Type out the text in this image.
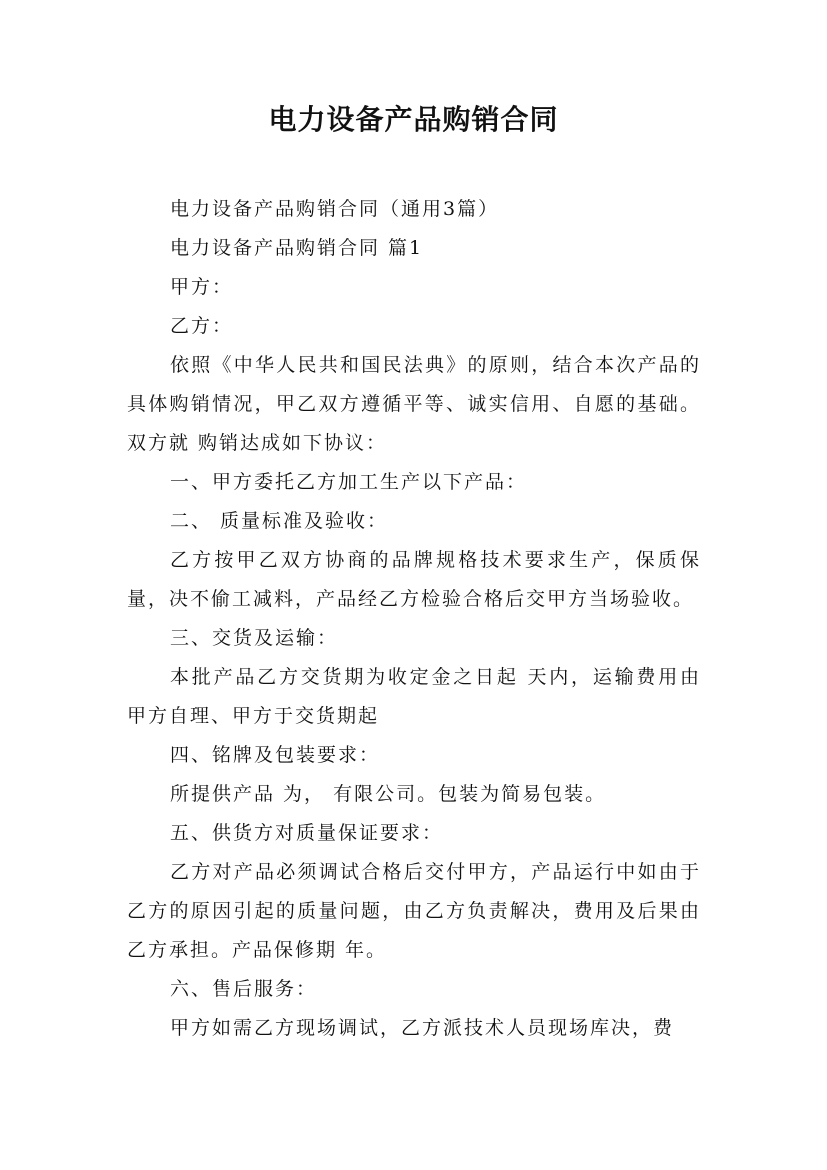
电力设备产品购销合同

电力设备产品购销合同（通用3篇）

电力设备产品购销合同 篇1

甲方：

乙方：

依照《中华人民共和国民法典》的原则，结合本次产品的具体购销情况，甲乙双方遵循平等、诚实信用、自愿的基础。双方就 购销达成如下协议：

一、甲方委托乙方加工生产以下产品：

二、 质量标准及验收：

乙方按甲乙双方协商的品牌规格技术要求生产，保质保量，决不偷工减料，产品经乙方检验合格后交甲方当场验收。

三、交货及运输：

本批产品乙方交货期为收定金之日起 天内，运输费用由甲方自理、甲方于交货期起

四、铭牌及包装要求：

所提供产品 为， 有限公司。包装为简易包装。

五、供货方对质量保证要求：

乙方对产品必须调试合格后交付甲方，产品运行中如由于乙方的原因引起的质量问题，由乙方负责解决，费用及后果由乙方承担。产品保修期 年。

六、售后服务：

甲方如需乙方现场调试，乙方派技术人员现场库决，费
